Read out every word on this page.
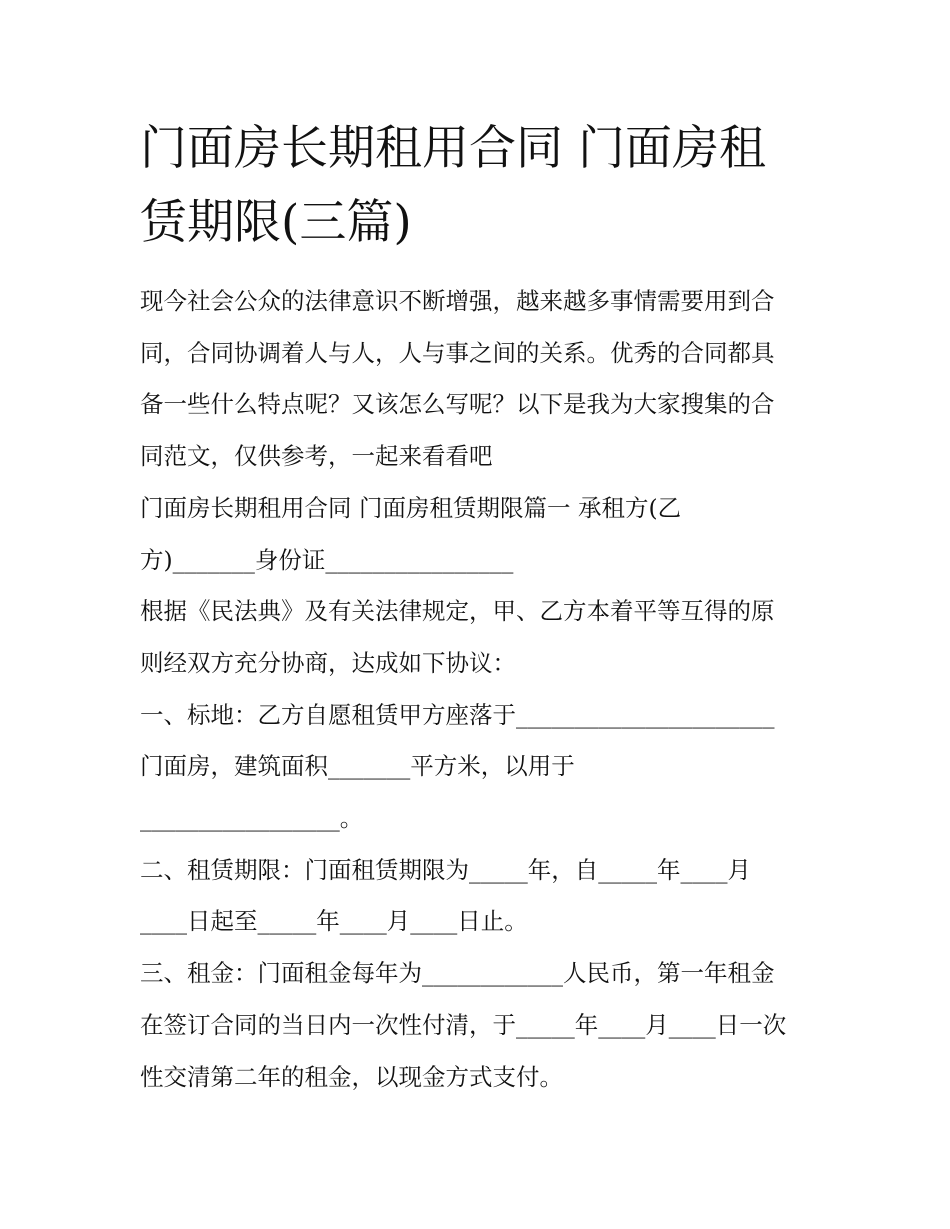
门面房长期租用合同 门面房租
赁期限(三篇)

现今社会公众的法律意识不断增强，越来越多事情需要用到合
同，合同协调着人与人，人与事之间的关系。优秀的合同都具
备一些什么特点呢？又该怎么写呢？以下是我为大家搜集的合
同范文，仅供参考，一起来看看吧

门面房长期租用合同 门面房租赁期限篇一 承租方(乙
方)_______身份证________________

根据《民法典》及有关法律规定，甲、乙方本着平等互得的原
则经双方充分协商，达成如下协议：

一、标地：乙方自愿租赁甲方座落于______________________
门面房，建筑面积_______平方米，以用于
_________________。

二、租赁期限：门面租赁期限为_____年，自_____年____月
____日起至_____年____月____日止。

三、租金：门面租金每年为____________人民币，第一年租金
在签订合同的当日内一次性付清，于_____年____月____日一次
性交清第二年的租金，以现金方式支付。
